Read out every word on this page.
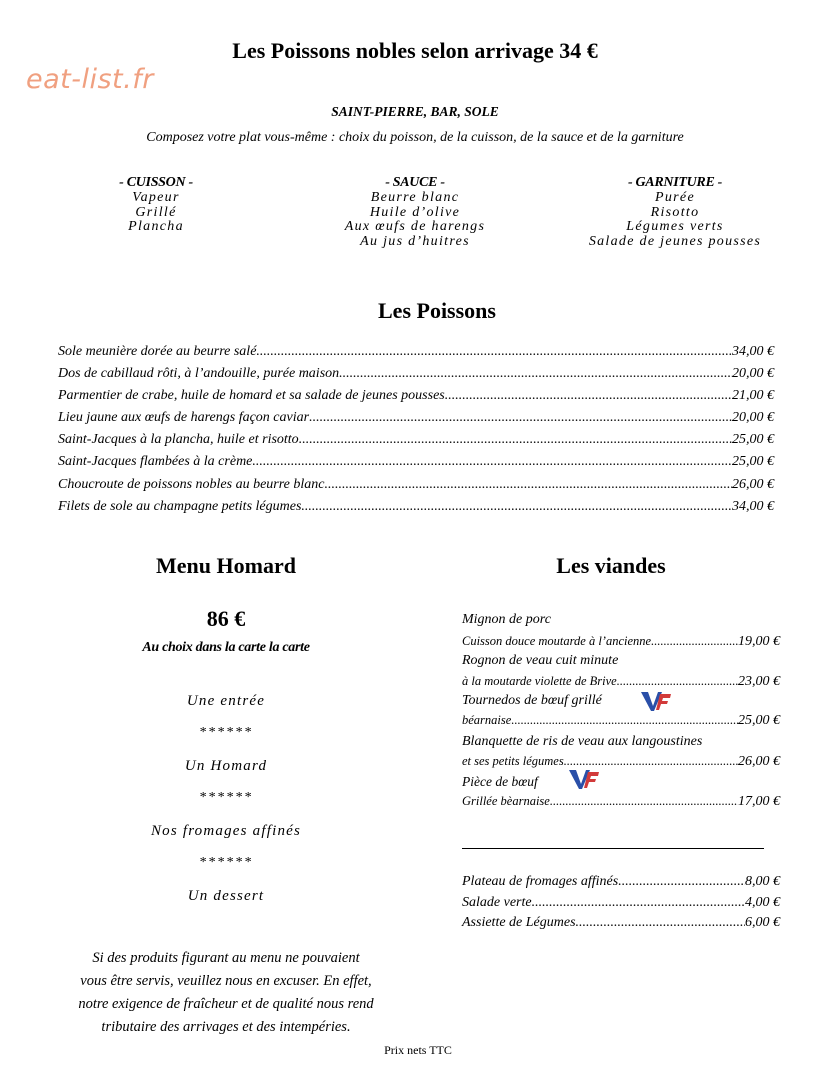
eat-list.fr
Les Poissons nobles selon arrivage 34 €
SAINT-PIERRE, BAR, SOLE
Composez votre plat vous-même : choix du poisson, de la cuisson, de la sauce et de la garniture
- CUISSON -
Vapeur
Grillé
Plancha
- SAUCE -
Beurre blanc
Huile d’olive
Aux œufs de harengs
Au jus d’huitres
- GARNITURE -
Purée
Risotto
Légumes verts
Salade de jeunes pousses
Les Poissons
Sole meunière dorée au beurre salé .....	34,00 €
Dos de cabillaud rôti, à l’andouille, purée maison .....	20,00 €
Parmentier de crabe, huile de homard et sa salade de jeunes pousses .....	21,00 €
Lieu jaune aux œufs de harengs façon caviar .....	20,00 €
Saint-Jacques à la plancha, huile et risotto .....	25,00 €
Saint-Jacques flambées à la crème .....	25,00 €
Choucroute de poissons nobles au beurre blanc .....	26,00 €
Filets de sole au champagne petits légumes .....	34,00 €
Menu Homard
86 €
Au choix dans la carte la carte
Une entrée
******
Un Homard
******
Nos fromages affinés
******
Un dessert
Si des produits figurant au menu ne pouvaient
vous être servis, veuillez nous en excuser. En effet,
notre exigence de fraîcheur et de qualité nous rend
tributaire des arrivages et des intempéries.
Les viandes
Mignon de porc
Cuisson douce moutarde à l’ancienne .....	19,00 €
Rognon de veau cuit minute
à la moutarde violette de Brive .....	23,00 €
Tournedos de bœuf grillé
béarnaise .....	25,00 €
Blanquette de ris de veau aux langoustines
et ses petits légumes .....	26,00 €
Pièce de bœuf
Grillée bèarnaise .....	17,00 €
Plateau de fromages affinés .....	8,00 €
Salade verte .....	4,00 €
Assiette de Légumes .....	6,00 €
Prix nets TTC
